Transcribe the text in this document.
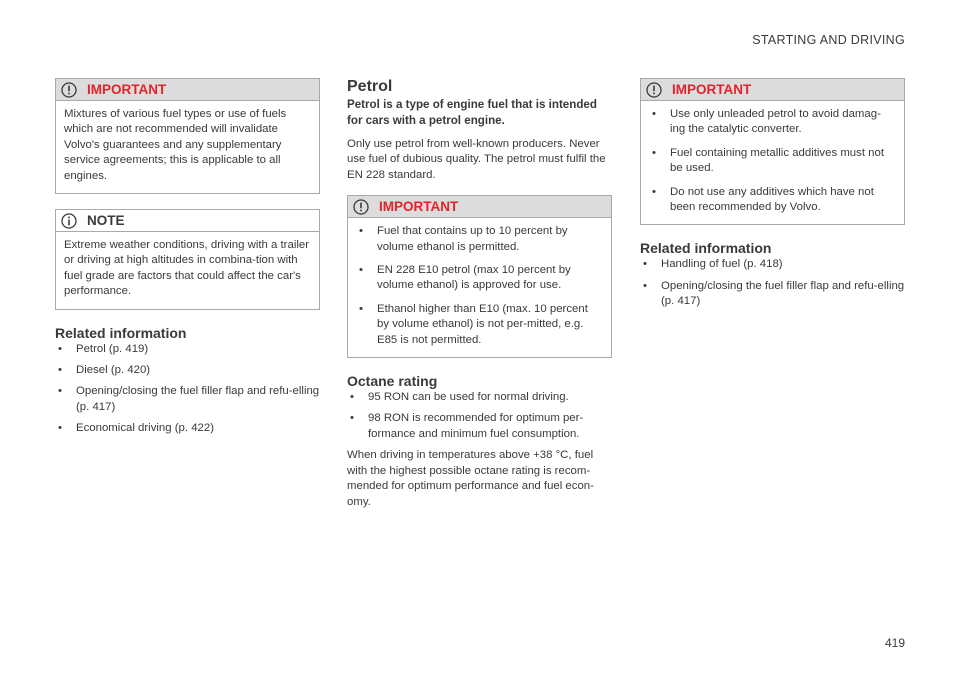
STARTING AND DRIVING
IMPORTANT

Mixtures of various fuel types or use of fuels which are not recommended will invalidate Volvo's guarantees and any supplementary service agreements; this is applicable to all engines.

NOTE

Extreme weather conditions, driving with a trailer or driving at high altitudes in combina-tion with fuel grade are factors that could affect the car's performance.

Related information
• Petrol (p. 419)
• Diesel (p. 420)
• Opening/closing the fuel filler flap and refu-elling (p. 417)
• Economical driving (p. 422)
Petrol

Petrol is a type of engine fuel that is intended for cars with a petrol engine.

Only use petrol from well-known producers. Never use fuel of dubious quality. The petrol must fulfil the EN 228 standard.

IMPORTANT
• Fuel that contains up to 10 percent by volume ethanol is permitted.
• EN 228 E10 petrol (max 10 percent by volume ethanol) is approved for use.
• Ethanol higher than E10 (max. 10 percent by volume ethanol) is not per-mitted, e.g. E85 is not permitted.
Octane rating
• 95 RON can be used for normal driving.
• 98 RON is recommended for optimum per-formance and minimum fuel consumption.

When driving in temperatures above +38 °C, fuel with the highest possible octane rating is recom-mended for optimum performance and fuel econ-omy.

IMPORTANT
• Use only unleaded petrol to avoid damag-ing the catalytic converter.
• Fuel containing metallic additives must not be used.
• Do not use any additives which have not been recommended by Volvo.
Related information
• Handling of fuel (p. 418)
• Opening/closing the fuel filler flap and refu-elling (p. 417)
419
